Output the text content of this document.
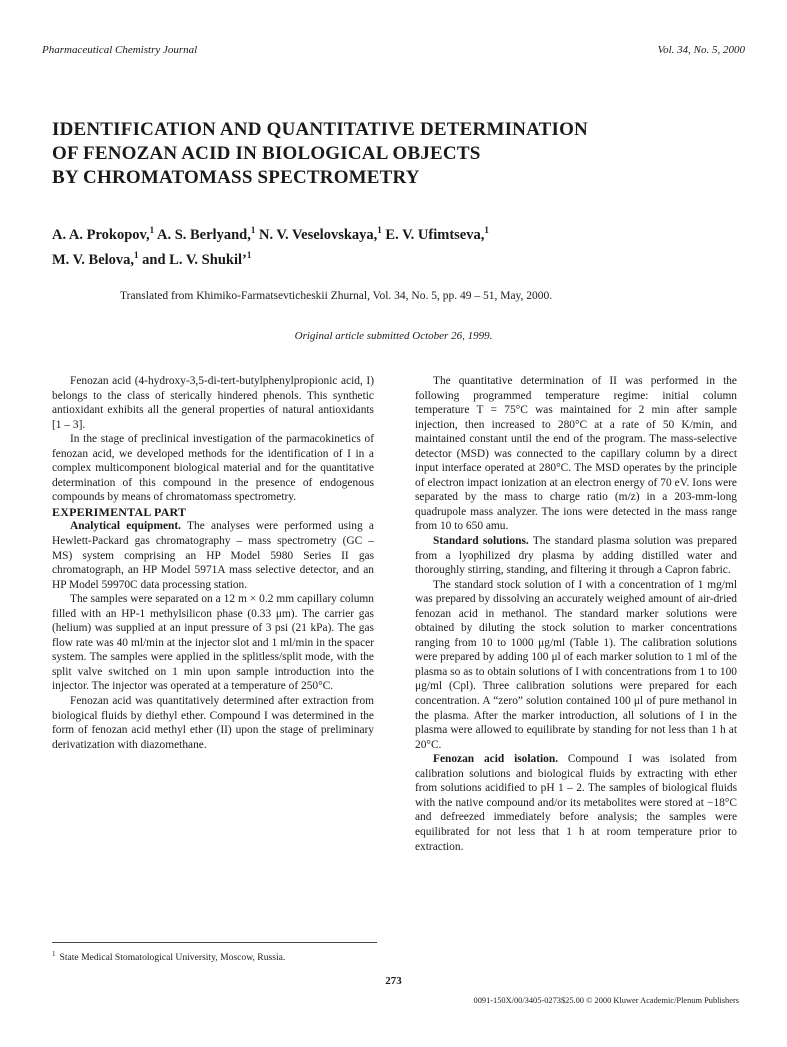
Pharmaceutical Chemistry Journal	Vol. 34, No. 5, 2000
IDENTIFICATION AND QUANTITATIVE DETERMINATION
OF FENOZAN ACID IN BIOLOGICAL OBJECTS
BY CHROMATOMASS SPECTROMETRY
A. A. Prokopov,$^1$ A. S. Berlyand,$^1$ N. V. Veselovskaya,$^1$ E. V. Ufimtseva,$^1$
M. V. Belova,$^1$ and L. V. Shukil’$^1$
Translated from Khimiko-Farmatsevticheskii Zhurnal, Vol. 34, No. 5, pp. 49 – 51, May, 2000.
Original article submitted October 26, 1999.

Fenozan acid (4-hydroxy-3,5-di-tert-butylphenylpropionic acid, I) belongs to the class of sterically hindered phenols. This synthetic antioxidant exhibits all the general properties of natural antioxidants [1 – 3].

In the stage of preclinical investigation of the parmacokinetics of fenozan acid, we developed methods for the identification of I in a complex multicomponent biological material and for the quantitative determination of this compound in the presence of endogenous compounds by means of chromatomass spectrometry.

EXPERIMENTAL PART

Analytical equipment. The analyses were performed using a Hewlett-Packard gas chromatography – mass spectrometry (GC – MS) system comprising an HP Model 5980 Series II gas chromatograph, an HP Model 5971A mass selective detector, and an HP Model 59970C data processing station.

The samples were separated on a 12 m × 0.2 mm capillary column filled with an HP-1 methylsilicon phase (0.33 μm). The carrier gas (helium) was supplied at an input pressure of 3 psi (21 kPa). The gas flow rate was 40 ml/min at the injector slot and 1 ml/min in the spacer system. The samples were applied in the splitless/split mode, with the split valve switched on 1 min upon sample introduction into the injector. The injector was operated at a temperature of 250°C.

Fenozan acid was quantitatively determined after extraction from biological fluids by diethyl ether. Compound I was determined in the form of fenozan acid methyl ether (II) upon the stage of preliminary derivatization with diazomethane.

The quantitative determination of II was performed in the following programmed temperature regime: initial column temperature T = 75°C was maintained for 2 min after sample injection, then increased to 280°C at a rate of 50 K/min, and maintained constant until the end of the program. The mass-selective detector (MSD) was connected to the capillary column by a direct input interface operated at 280°C. The MSD operates by the principle of electron impact ionization at an electron energy of 70 eV. Ions were separated by the mass to charge ratio (m/z) in a 203-mm-long quadrupole mass analyzer. The ions were detected in the mass range from 10 to 650 amu.

Standard solutions. The standard plasma solution was prepared from a lyophilized dry plasma by adding distilled water and thoroughly stirring, standing, and filtering it through a Capron fabric.

The standard stock solution of I with a concentration of 1 mg/ml was prepared by dissolving an accurately weighed amount of air-dried fenozan acid in methanol. The standard marker solutions were obtained by diluting the stock solution to marker concentrations ranging from 10 to 1000 μg/ml (Table 1). The calibration solutions were prepared by adding 100 μl of each marker solution to 1 ml of the plasma so as to obtain solutions of I with concentrations from 1 to 100 μg/ml (Cpl). Three calibration solutions were prepared for each concentration. A “zero” solution contained 100 μl of pure methanol in the plasma. After the marker introduction, all solutions of I in the plasma were allowed to equilibrate by standing for not less than 1 h at 20°C.

Fenozan acid isolation. Compound I was isolated from calibration solutions and biological fluids by extracting with ether from solutions acidified to pH 1 – 2. The samples of biological fluids with the native compound and/or its metabolites were stored at −18°C and defreezed immediately before analysis; the samples were equilibrated for not less that 1 h at room temperature prior to extraction.

$^1$ State Medical Stomatological University, Moscow, Russia.
273
0091-150X/00/3405-0273$25.00 © 2000 Kluwer Academic/Plenum Publishers
